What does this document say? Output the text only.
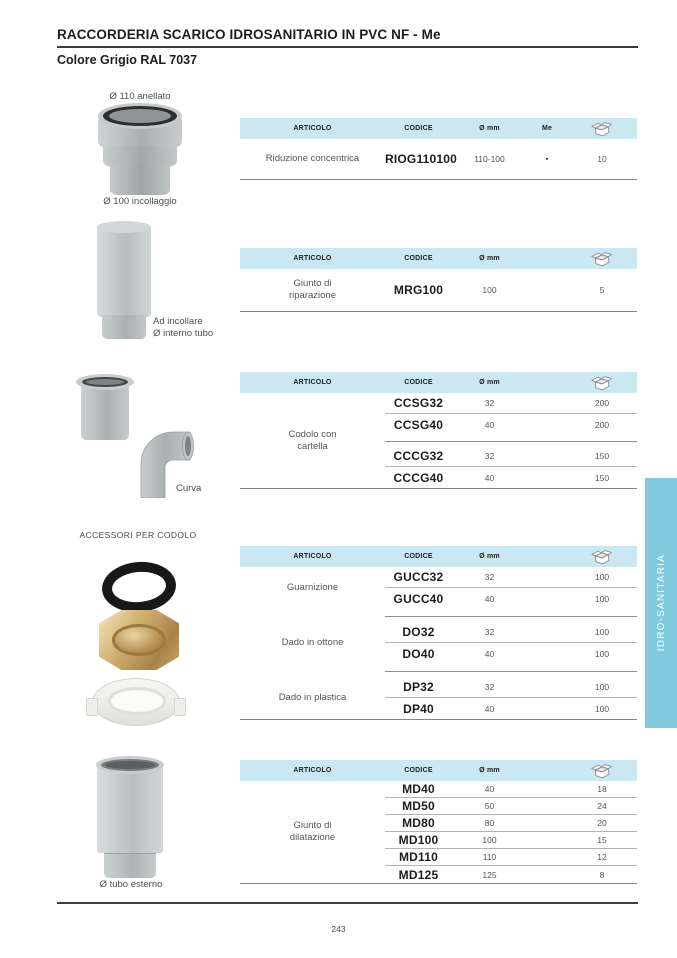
RACCORDERIA SCARICO IDROSANITARIO IN PVC NF - Me
Colore Grigio RAL 7037
Ø 110 anellato
Ø 100 incollaggio
Ad incollare
Ø interno tubo
Curva
ACCESSORI PER CODOLO
Ø tubo esterno
ARTICOLO	CODICE	Ø mm	Me
Riduzione concentrica RIOG110100	110-100	▪	10
ARTICOLO	CODICE	Ø mm
Giunto di
riparazione	MRG100	100	5
ARTICOLO	CODICE	Ø mm
Codolo con
cartella
CCSG32	32	200
CCSG40	40	200
CCCG32	32	150
CCCG40	40	150
ARTICOLO	CODICE	Ø mm
Guarnizione
GUCC32	32	100
GUCC40	40	100
Dado in ottone
DO32	32	100
DO40	40	100
Dado in plastica
DP32	32	100
DP40	40	100
ARTICOLO	CODICE	Ø mm
Giunto di
dilatazione
MD40	40	18
MD50	50	24
MD80	80	20
MD100	100	15
MD110	110	12
MD125	125	8
IDRO-SANITARIA
243
